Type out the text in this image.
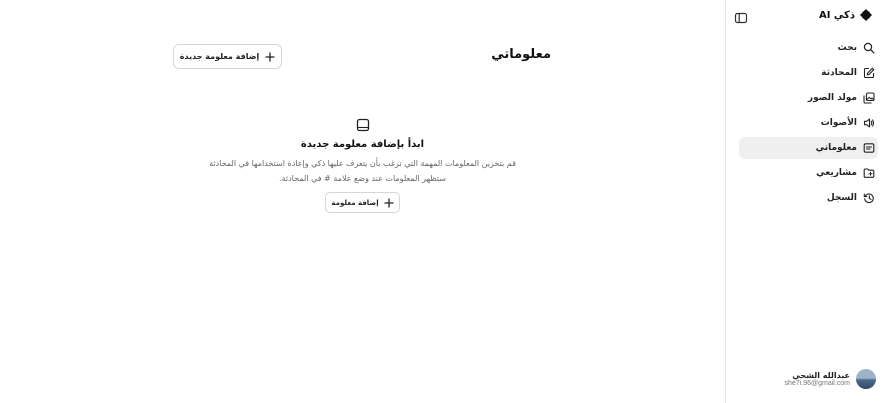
معلوماتي
إضافة معلومة جديدة
ابدأ بإضافة معلومة جديدة
قم بتخزين المعلومات المهمة التي ترغب بأن يتعرف عليها ذكي وإعادة استخدامها في المحادثة
ستظهر المعلومات عند وضع علامة # في المحادثة.
إضافة معلومة
ذكي AI
بحث
المحادثة
مولد الصور
الأصوات
معلوماتي
مشاريعي
السجل
عبدالله الشحي
she7i.96@gmail.com
